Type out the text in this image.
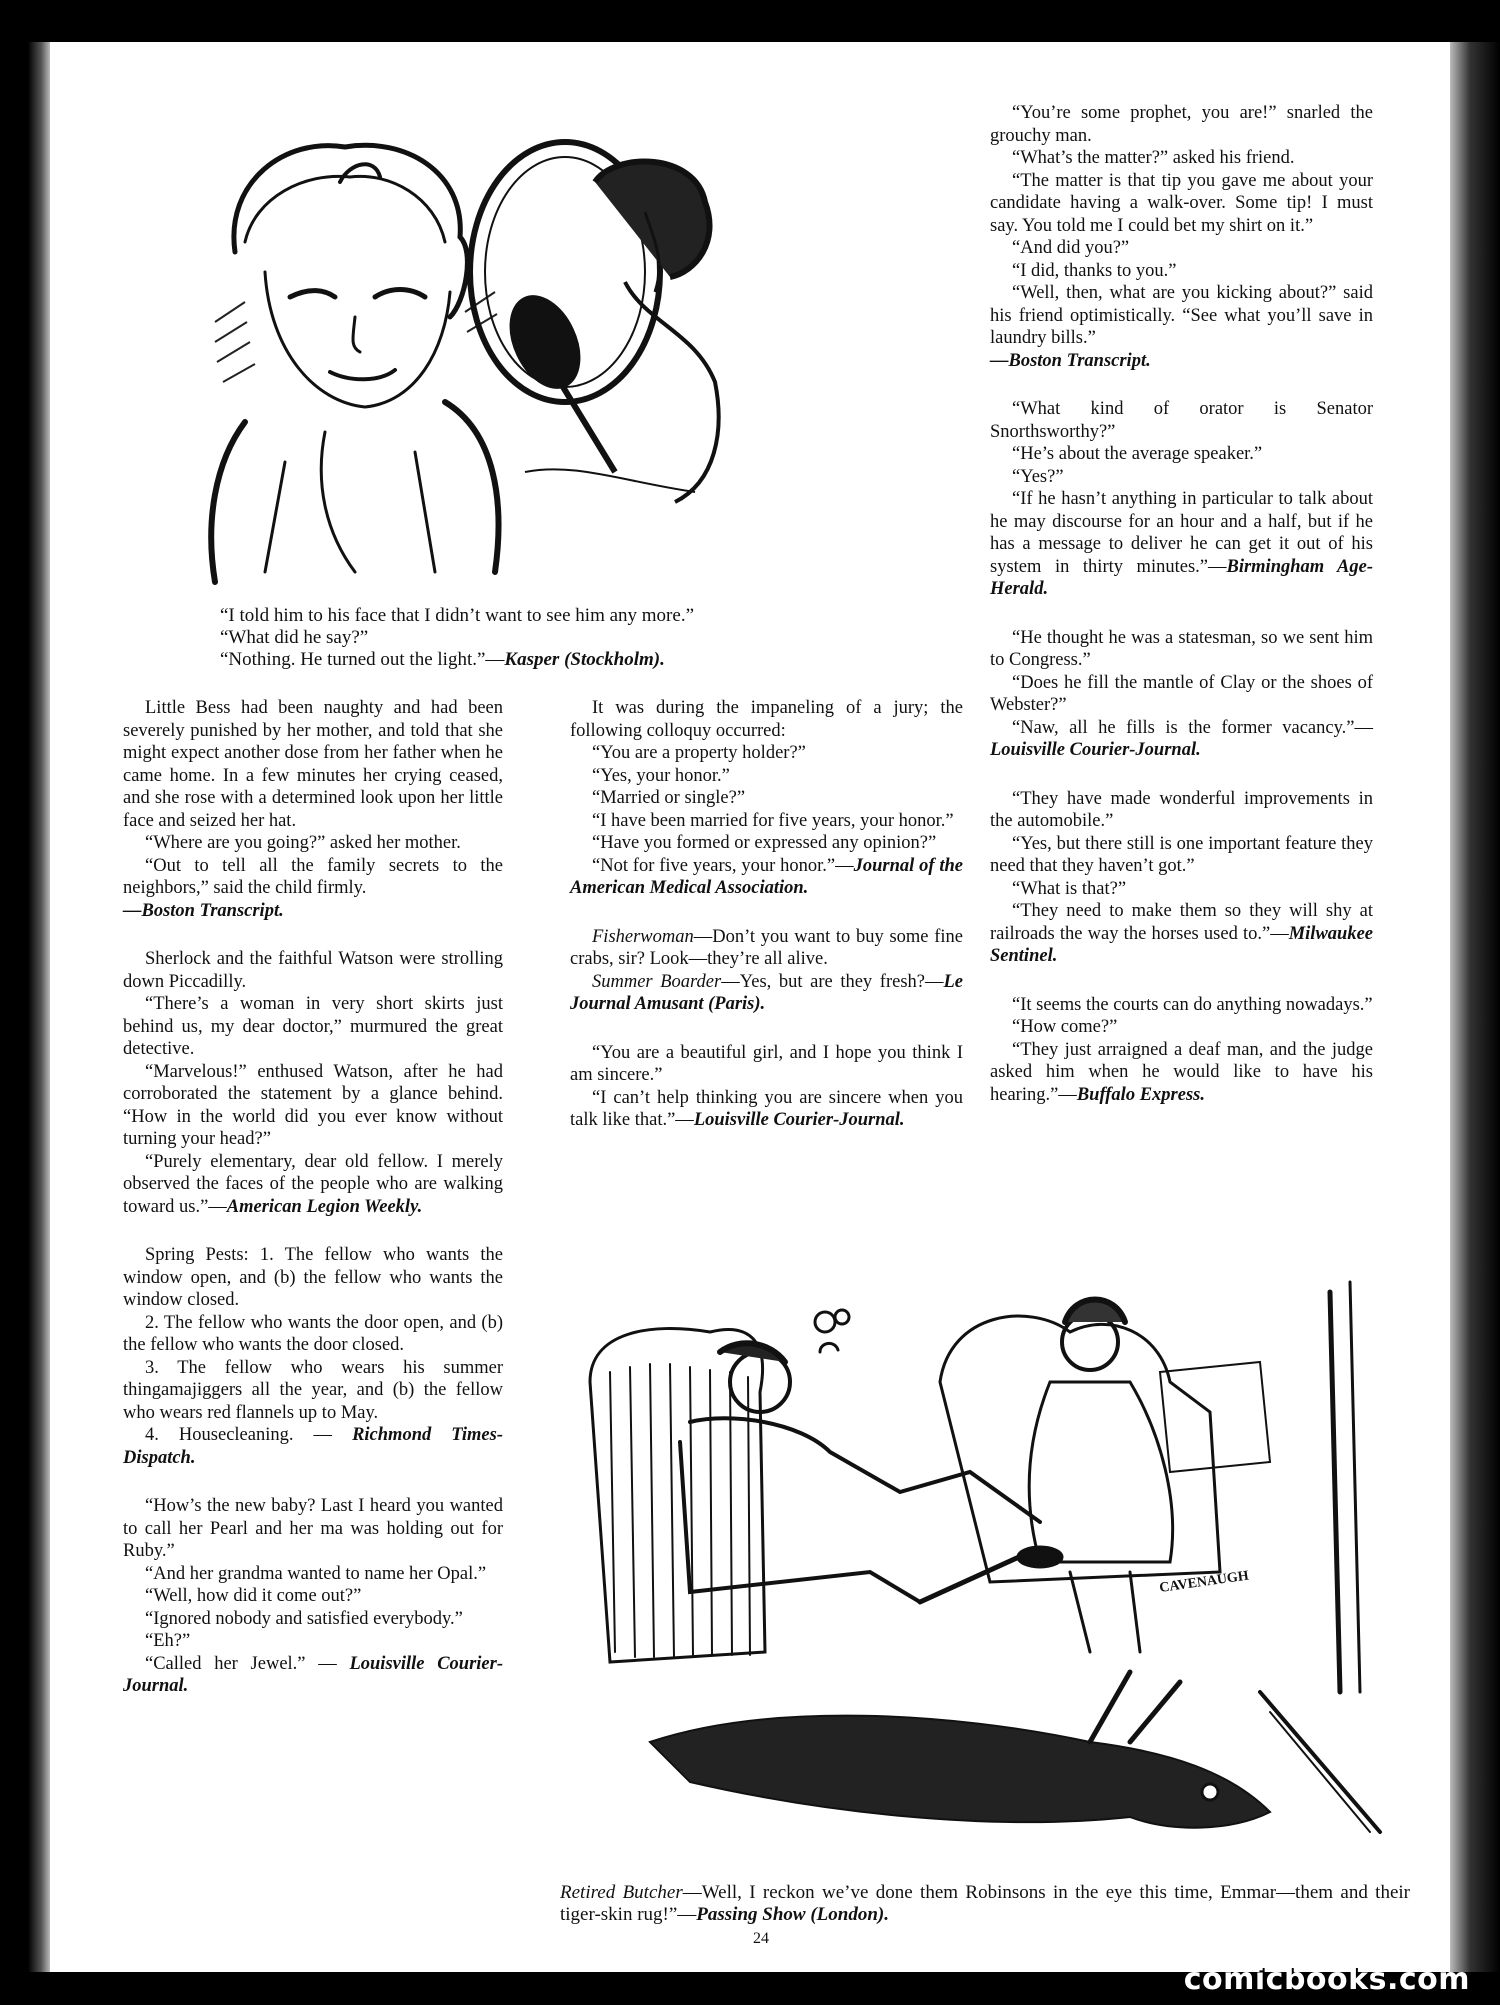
“I told him to his face that I didn’t want to see him any more.”
“What did he say?”
“Nothing. He turned out the light.”—Kasper (Stockholm).

Little Bess had been naughty and had been severely punished by her mother, and told that she might expect another dose from her father when he came home. In a few minutes her crying ceased, and she rose with a determined look upon her little face and seized her hat.

“Where are you going?” asked her mother.

“Out to tell all the family secrets to the neighbors,” said the child firmly.

—Boston Transcript.

Sherlock and the faithful Watson were strolling down Piccadilly.

“There’s a woman in very short skirts just behind us, my dear doctor,” murmured the great detective.

“Marvelous!” enthused Watson, after he had corroborated the statement by a glance behind. “How in the world did you ever know without turning your head?”

“Purely elementary, dear old fellow. I merely observed the faces of the people who are walking toward us.”—American Legion Weekly.

Spring Pests: 1. The fellow who wants the window open, and (b) the fellow who wants the window closed.

2. The fellow who wants the door open, and (b) the fellow who wants the door closed.

3. The fellow who wears his summer thingamajiggers all the year, and (b) the fellow who wears red flannels up to May.

4. Housecleaning. — Richmond Times-Dispatch.

“How’s the new baby? Last I heard you wanted to call her Pearl and her ma was holding out for Ruby.”

“And her grandma wanted to name her Opal.”

“Well, how did it come out?”

“Ignored nobody and satisfied everybody.”

“Eh?”

“Called her Jewel.” — Louisville Courier-Journal.

It was during the impaneling of a jury; the following colloquy occurred:

“You are a property holder?”

“Yes, your honor.”

“Married or single?”

“I have been married for five years, your honor.”

“Have you formed or expressed any opinion?”

“Not for five years, your honor.”—Journal of the American Medical Association.

Fisherwoman—Don’t you want to buy some fine crabs, sir? Look—they’re all alive.

Summer Boarder—Yes, but are they fresh?—Le Journal Amusant (Paris).

“You are a beautiful girl, and I hope you think I am sincere.”

“I can’t help thinking you are sincere when you talk like that.”—Louisville Courier-Journal.

“You’re some prophet, you are!” snarled the grouchy man.

“What’s the matter?” asked his friend.

“The matter is that tip you gave me about your candidate having a walk-over. Some tip! I must say. You told me I could bet my shirt on it.”

“And did you?”

“I did, thanks to you.”

“Well, then, what are you kicking about?” said his friend optimistically. “See what you’ll save in laundry bills.”

—Boston Transcript.

“What kind of orator is Senator Snorthsworthy?”

“He’s about the average speaker.”

“Yes?”

“If he hasn’t anything in particular to talk about he may discourse for an hour and a half, but if he has a message to deliver he can get it out of his system in thirty minutes.”—Birmingham Age-Herald.

“He thought he was a statesman, so we sent him to Congress.”

“Does he fill the mantle of Clay or the shoes of Webster?”

“Naw, all he fills is the former vacancy.”—Louisville Courier-Journal.

“They have made wonderful improvements in the automobile.”

“Yes, but there still is one important feature they need that they haven’t got.”

“What is that?”

“They need to make them so they will shy at railroads the way the horses used to.”—Milwaukee Sentinel.

“It seems the courts can do anything nowadays.”

“How come?”

“They just arraigned a deaf man, and the judge asked him when he would like to have his hearing.”—Buffalo Express.

CAVENAUGH
Retired Butcher—Well, I reckon we’ve done them Robinsons in the eye this time, Emmar—them and their tiger-skin rug!”—Passing Show (London).
24
comicbooks.com
